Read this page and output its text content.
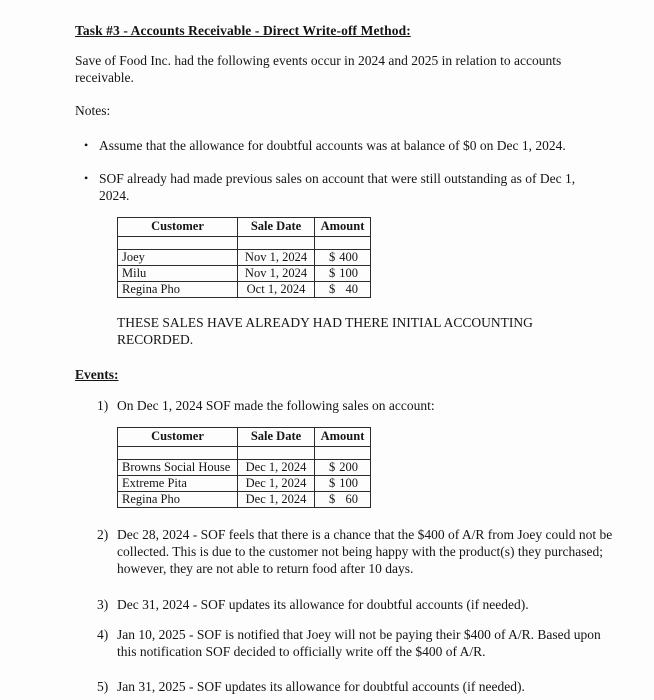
Task #3 - Accounts Receivable - Direct Write-off Method:
Save of Food Inc. had the following events occur in 2024 and 2025 in relation to accounts receivable.
Notes:
• Assume that the allowance for doubtful accounts was at balance of $0 on Dec 1, 2024.
• SOF already had made previous sales on account that were still outstanding as of Dec 1, 2024.
Customer	Sale Date	Amount

Joey	Nov 1, 2024	$ 400

Milu	Nov 1, 2024	$ 100

Regina Pho	Oct 1, 2024	$ 40
THESE SALES HAVE ALREADY HAD THERE INITIAL ACCOUNTING RECORDED.
Events:
1) On Dec 1, 2024 SOF made the following sales on account:
Customer	Sale Date	Amount

Browns Social House	Dec 1, 2024	$ 200

Extreme Pita	Dec 1, 2024	$ 100

Regina Pho	Dec 1, 2024	$ 60
2) Dec 28, 2024 - SOF feels that there is a chance that the $400 of A/R from Joey could not be collected. This is due to the customer not being happy with the product(s) they purchased; however, they are not able to return food after 10 days.
3) Dec 31, 2024 - SOF updates its allowance for doubtful accounts (if needed).
4) Jan 10, 2025 - SOF is notified that Joey will not be paying their $400 of A/R. Based upon this notification SOF decided to officially write off the $400 of A/R.
5) Jan 31, 2025 - SOF updates its allowance for doubtful accounts (if needed).
